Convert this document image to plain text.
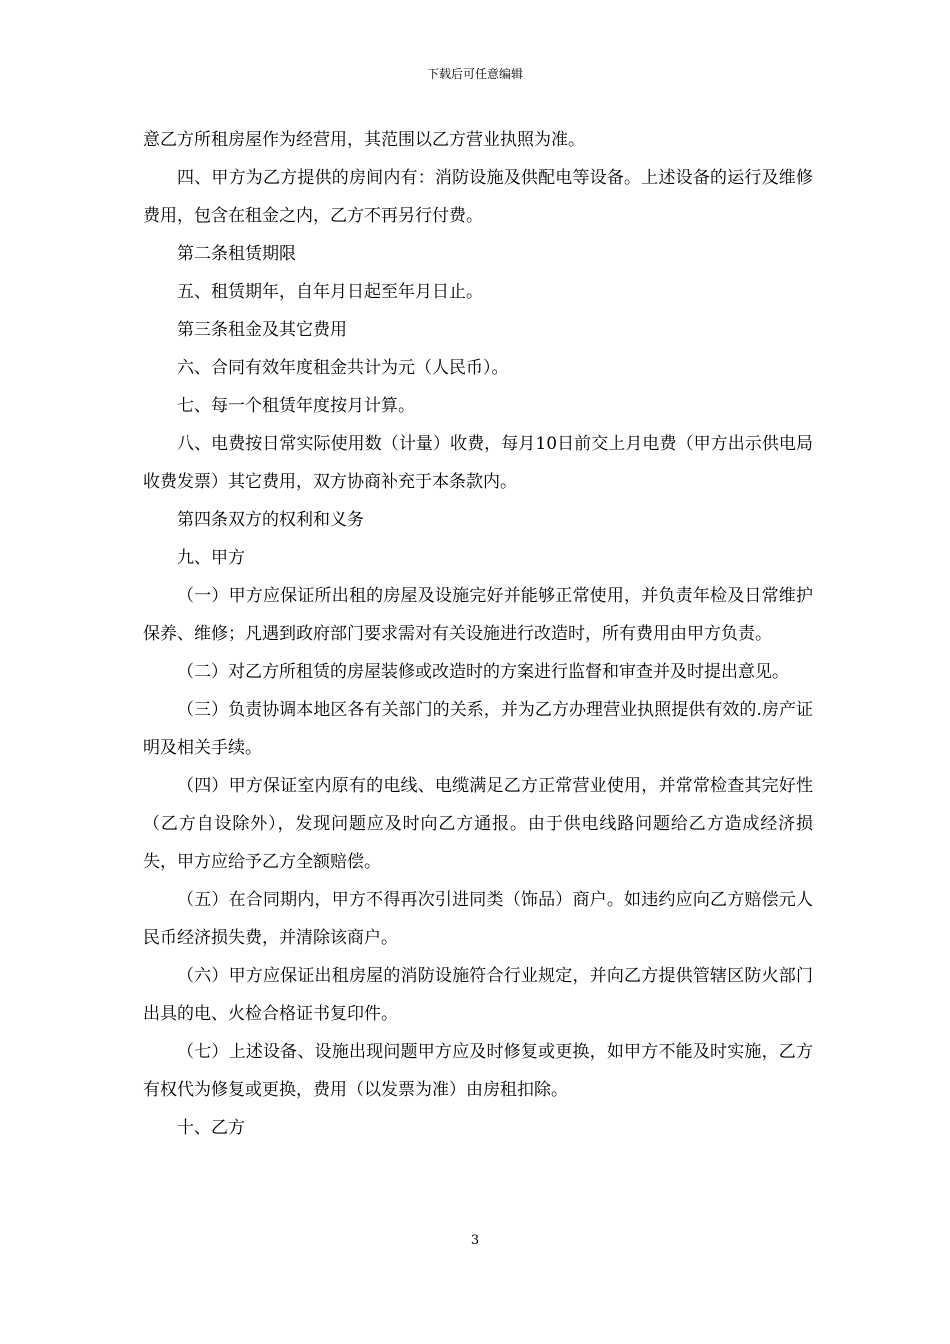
下载后可任意编辑

意乙方所租房屋作为经营用，其范围以乙方营业执照为准。

四、甲方为乙方提供的房间内有：消防设施及供配电等设备。上述设备的运行及维修费用，包含在租金之内，乙方不再另行付费。

第二条租赁期限

五、租赁期年，自年月日起至年月日止。

第三条租金及其它费用

六、合同有效年度租金共计为元（人民币）。

七、每一个租赁年度按月计算。

八、电费按日常实际使用数（计量）收费，每月10日前交上月电费（甲方出示供电局收费发票）其它费用，双方协商补充于本条款内。

第四条双方的权利和义务

九、甲方

（一）甲方应保证所出租的房屋及设施完好并能够正常使用，并负责年检及日常维护保养、维修；凡遇到政府部门要求需对有关设施进行改造时，所有费用由甲方负责。

（二）对乙方所租赁的房屋装修或改造时的方案进行监督和审查并及时提出意见。

（三）负责协调本地区各有关部门的关系，并为乙方办理营业执照提供有效的.房产证明及相关手续。

（四）甲方保证室内原有的电线、电缆满足乙方正常营业使用，并常常检查其完好性（乙方自设除外），发现问题应及时向乙方通报。由于供电线路问题给乙方造成经济损失，甲方应给予乙方全额赔偿。

（五）在合同期内，甲方不得再次引进同类（饰品）商户。如违约应向乙方赔偿元人民币经济损失费，并清除该商户。

（六）甲方应保证出租房屋的消防设施符合行业规定，并向乙方提供管辖区防火部门出具的电、火检合格证书复印件。

（七）上述设备、设施出现问题甲方应及时修复或更换，如甲方不能及时实施，乙方有权代为修复或更换，费用（以发票为准）由房租扣除。

十、乙方

3
